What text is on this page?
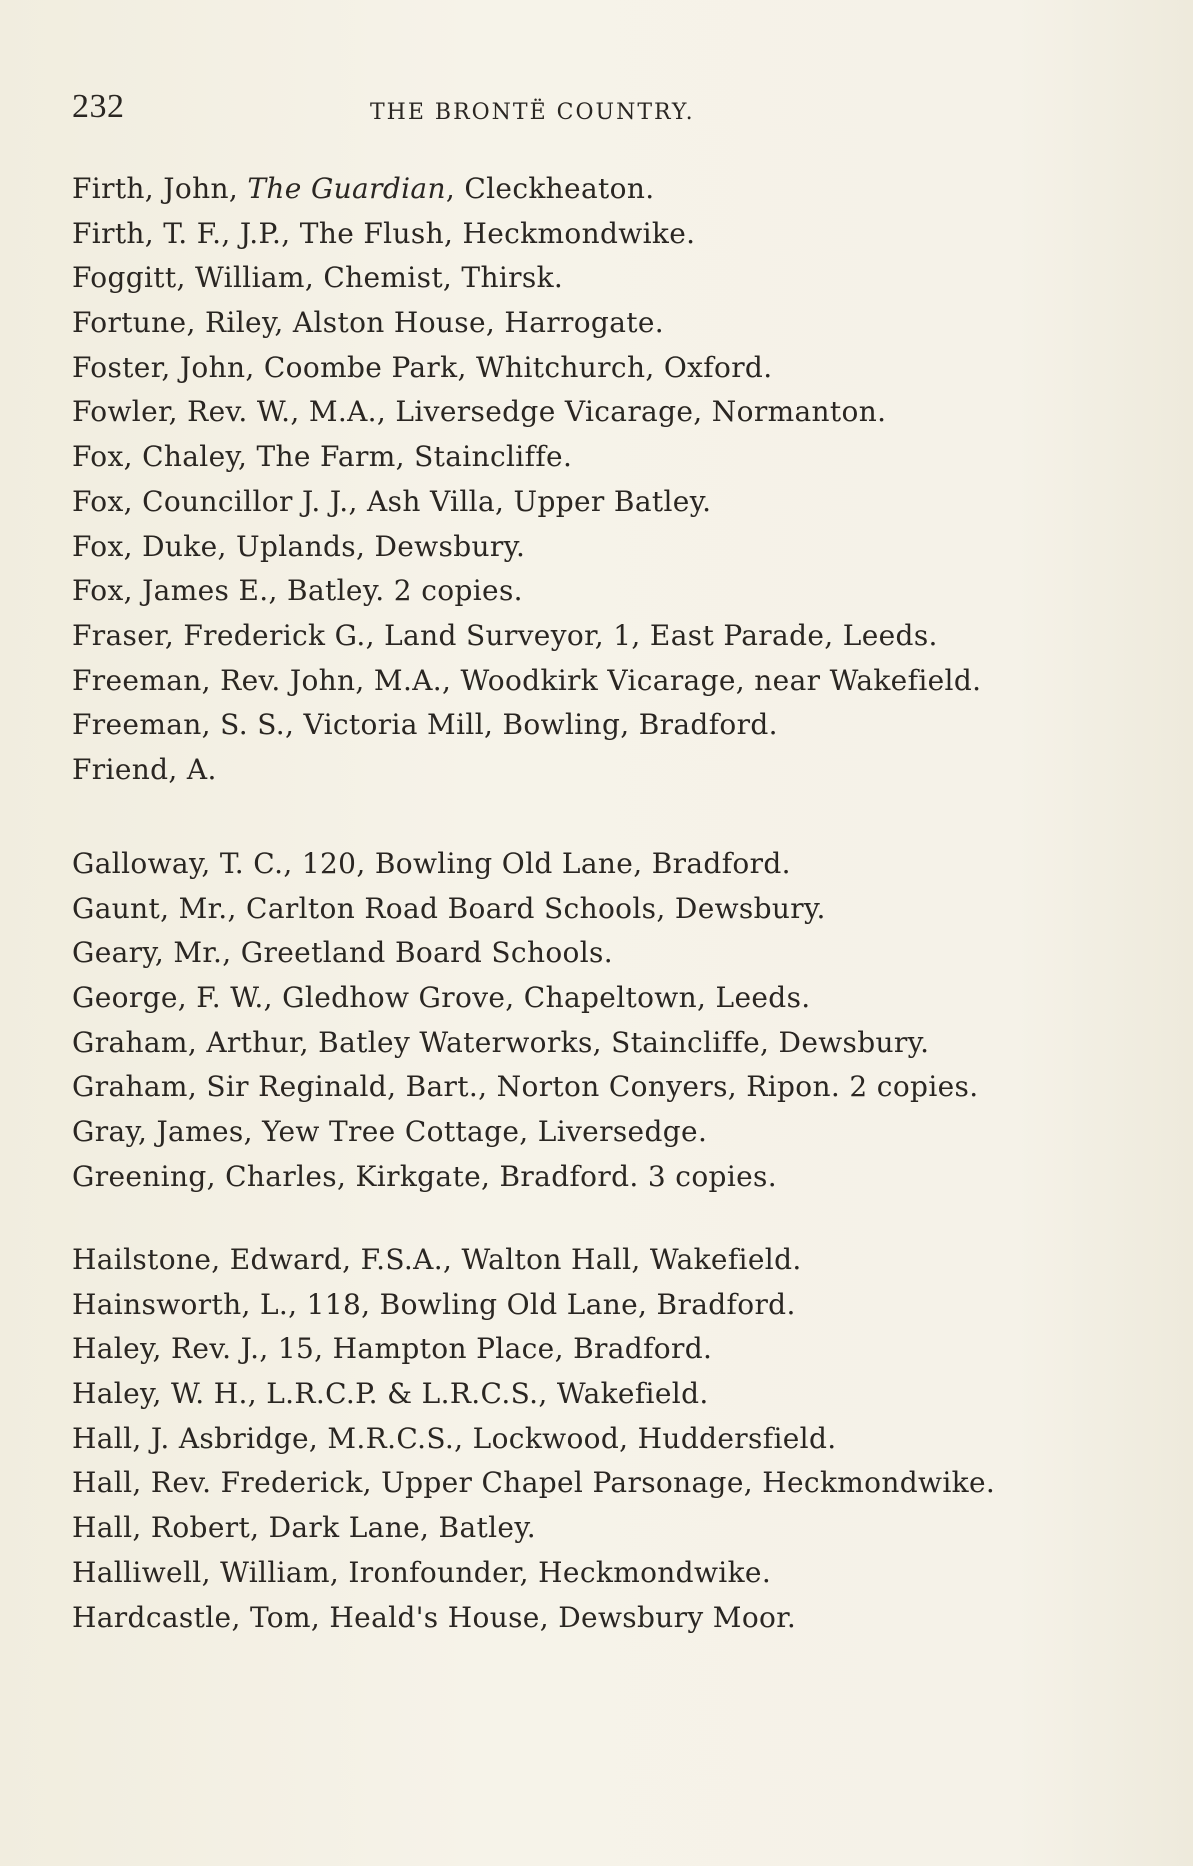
232	THE BRONTË COUNTRY.
Firth, John, The Guardian, Cleckheaton.
Firth, T. F., J.P., The Flush, Heckmondwike.
Foggitt, William, Chemist, Thirsk.
Fortune, Riley, Alston House, Harrogate.
Foster, John, Coombe Park, Whitchurch, Oxford.
Fowler, Rev. W., M.A., Liversedge Vicarage, Normanton.
Fox, Chaley, The Farm, Staincliffe.
Fox, Councillor J. J., Ash Villa, Upper Batley.
Fox, Duke, Uplands, Dewsbury.
Fox, James E., Batley. 2 copies.
Fraser, Frederick G., Land Surveyor, 1, East Parade, Leeds.
Freeman, Rev. John, M.A., Woodkirk Vicarage, near Wakefield.
Freeman, S. S., Victoria Mill, Bowling, Bradford.
Friend, A.
Galloway, T. C., 120, Bowling Old Lane, Bradford.
Gaunt, Mr., Carlton Road Board Schools, Dewsbury.
Geary, Mr., Greetland Board Schools.
George, F. W., Gledhow Grove, Chapeltown, Leeds.
Graham, Arthur, Batley Waterworks, Staincliffe, Dewsbury.
Graham, Sir Reginald, Bart., Norton Conyers, Ripon. 2 copies.
Gray, James, Yew Tree Cottage, Liversedge.
Greening, Charles, Kirkgate, Bradford. 3 copies.
Hailstone, Edward, F.S.A., Walton Hall, Wakefield.
Hainsworth, L., 118, Bowling Old Lane, Bradford.
Haley, Rev. J., 15, Hampton Place, Bradford.
Haley, W. H., L.R.C.P. & L.R.C.S., Wakefield.
Hall, J. Asbridge, M.R.C.S., Lockwood, Huddersfield.
Hall, Rev. Frederick, Upper Chapel Parsonage, Heckmondwike.
Hall, Robert, Dark Lane, Batley.
Halliwell, William, Ironfounder, Heckmondwike.
Hardcastle, Tom, Heald's House, Dewsbury Moor.
